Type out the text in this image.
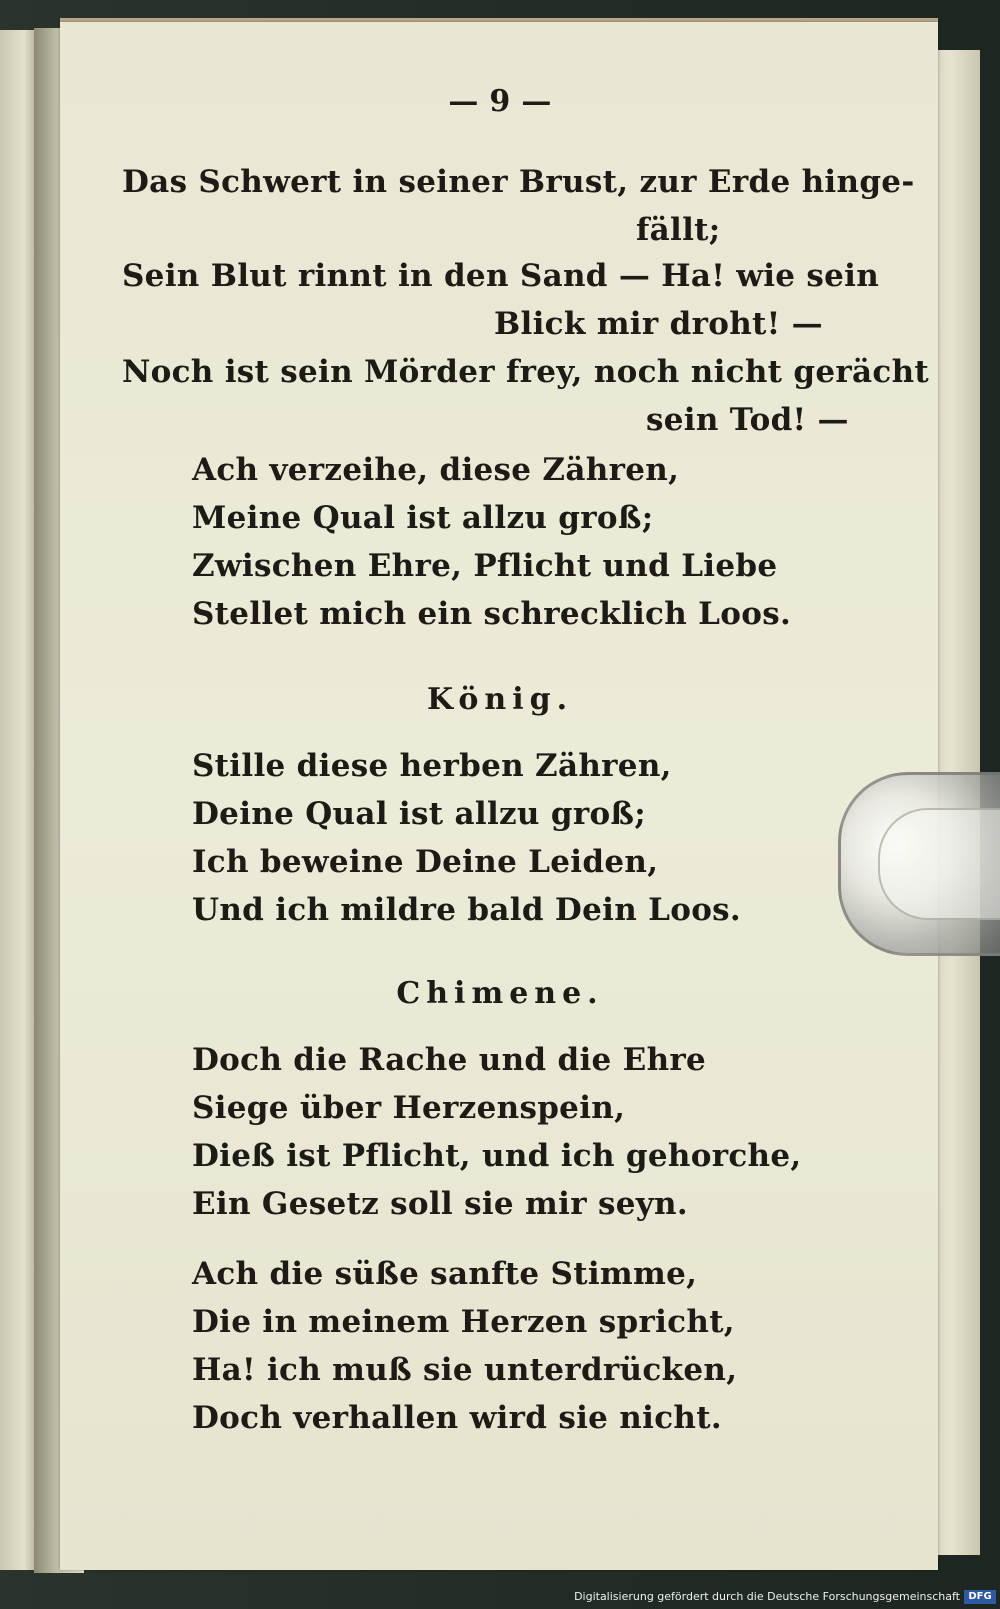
— 9 —
Das Schwert in seiner Brust, zur Erde hinge-
fällt;
Sein Blut rinnt in den Sand — Ha! wie sein
Blick mir droht! —
Noch ist sein Mörder frey, noch nicht gerächt
sein Tod! —
Ach verzeihe, diese Zähren,
Meine Qual ist allzu groß;
Zwischen Ehre, Pflicht und Liebe
Stellet mich ein schrecklich Loos.
König.
Stille diese herben Zähren,
Deine Qual ist allzu groß;
Ich beweine Deine Leiden,
Und ich mildre bald Dein Loos.
Chimene.
Doch die Rache und die Ehre
Siege über Herzenspein,
Dieß ist Pflicht, und ich gehorche,
Ein Gesetz soll sie mir seyn.
Ach die süße sanfte Stimme,
Die in meinem Herzen spricht,
Ha! ich muß sie unterdrücken,
Doch verhallen wird sie nicht.
Digitalisierung gefördert durch die Deutsche Forschungsgemeinschaft DFG
